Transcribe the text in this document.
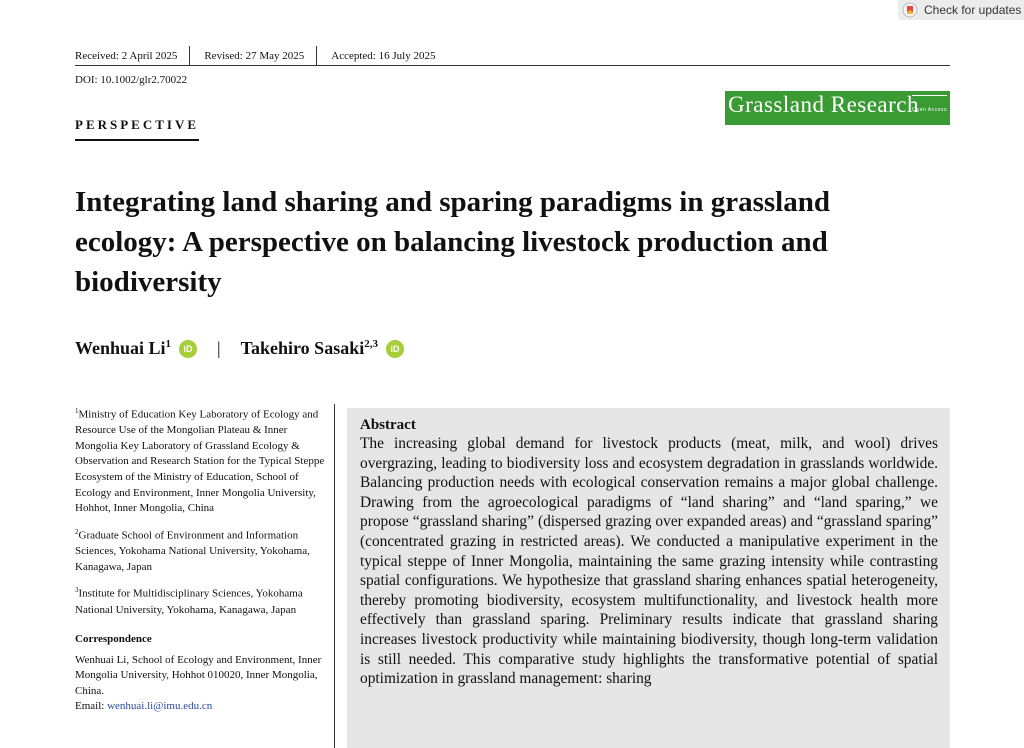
Check for updates
Received: 2 April 2025	Revised: 27 May 2025	Accepted: 16 July 2025
DOI: 10.1002/glr2.70022
PERSPECTIVE
Grassland Research
Open Access
Integrating land sharing and sparing paradigms in grassland ecology: A perspective on balancing livestock production and biodiversity
Wenhuai Li$^1$	iD | Takehiro Sasaki$^{2,3}$	iD
$^1$Ministry of Education Key Laboratory of Ecology and Resource Use of the Mongolian Plateau & Inner Mongolia Key Laboratory of Grassland Ecology & Observation and Research Station for the Typical Steppe Ecosystem of the Ministry of Education, School of Ecology and Environment, Inner Mongolia University, Hohhot, Inner Mongolia, China
$^2$Graduate School of Environment and Information Sciences, Yokohama National University, Yokohama, Kanagawa, Japan
$^3$Institute for Multidisciplinary Sciences, Yokohama National University, Yokohama, Kanagawa, Japan
Correspondence
Wenhuai Li, School of Ecology and Environment, Inner Mongolia University, Hohhot 010020, Inner Mongolia, China.
Email: wenhuai.li@imu.edu.cn
Abstract

The increasing global demand for livestock products (meat, milk, and wool) drives overgrazing, leading to biodiversity loss and ecosystem degradation in grasslands worldwide. Balancing production needs with ecological conservation remains a major global challenge. Drawing from the agroecological paradigms of “land sharing” and “land sparing,” we propose “grassland sharing” (dispersed grazing over expanded areas) and “grassland sparing” (concentrated grazing in restricted areas). We conducted a manipulative experiment in the typical steppe of Inner Mongolia, maintaining the same grazing intensity while contrasting spatial configurations. We hypothesize that grassland sharing enhances spatial heterogeneity, thereby promoting biodiversity, ecosystem multifunctionality, and livestock health more effectively than grassland sparing. Preliminary results indicate that grassland sharing increases livestock productivity while maintaining biodiversity, though long-term validation is still needed. This comparative study highlights the transformative potential of spatial optimization in grassland management: sharing
